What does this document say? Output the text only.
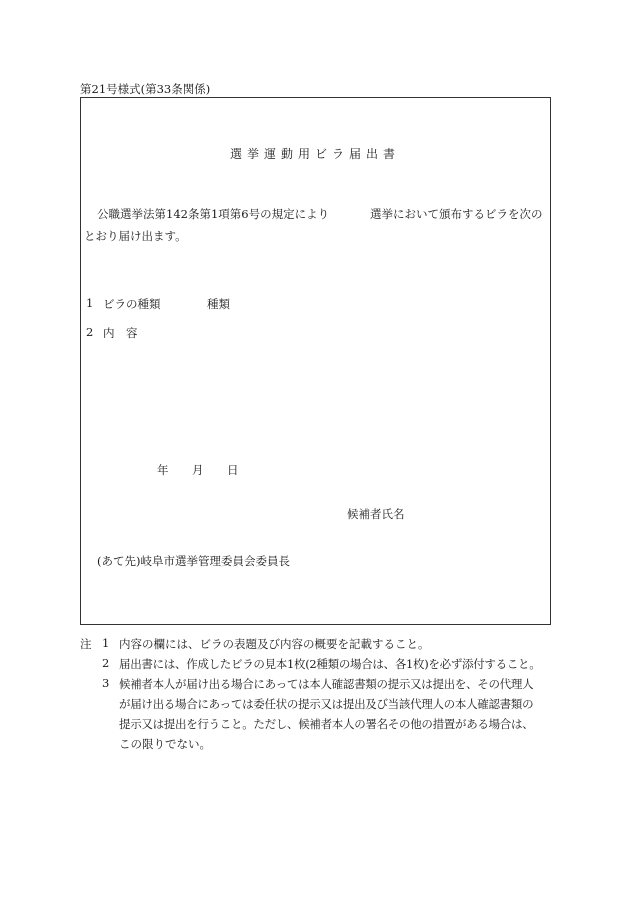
第21号様式(第33条関係)
選挙運動用ビラ届出書
公職選挙法第142条第1項第6号の規定により	選挙において頒布するビラを次の
とおり届け出ます。
1 ビラの種類	種類
2 内　容
年 月 日
候補者氏名
(あて先)岐阜市選挙管理委員会委員長
注 1 内容の欄には、ビラの表題及び内容の概要を記載すること。
2 届出書には、作成したビラの見本1枚(2種類の場合は、各1枚)を必ず添付すること。
3 候補者本人が届け出る場合にあっては本人確認書類の提示又は提出を、その代理人
が届け出る場合にあっては委任状の提示又は提出及び当該代理人の本人確認書類の
提示又は提出を行うこと。ただし、候補者本人の署名その他の措置がある場合は、
この限りでない。
